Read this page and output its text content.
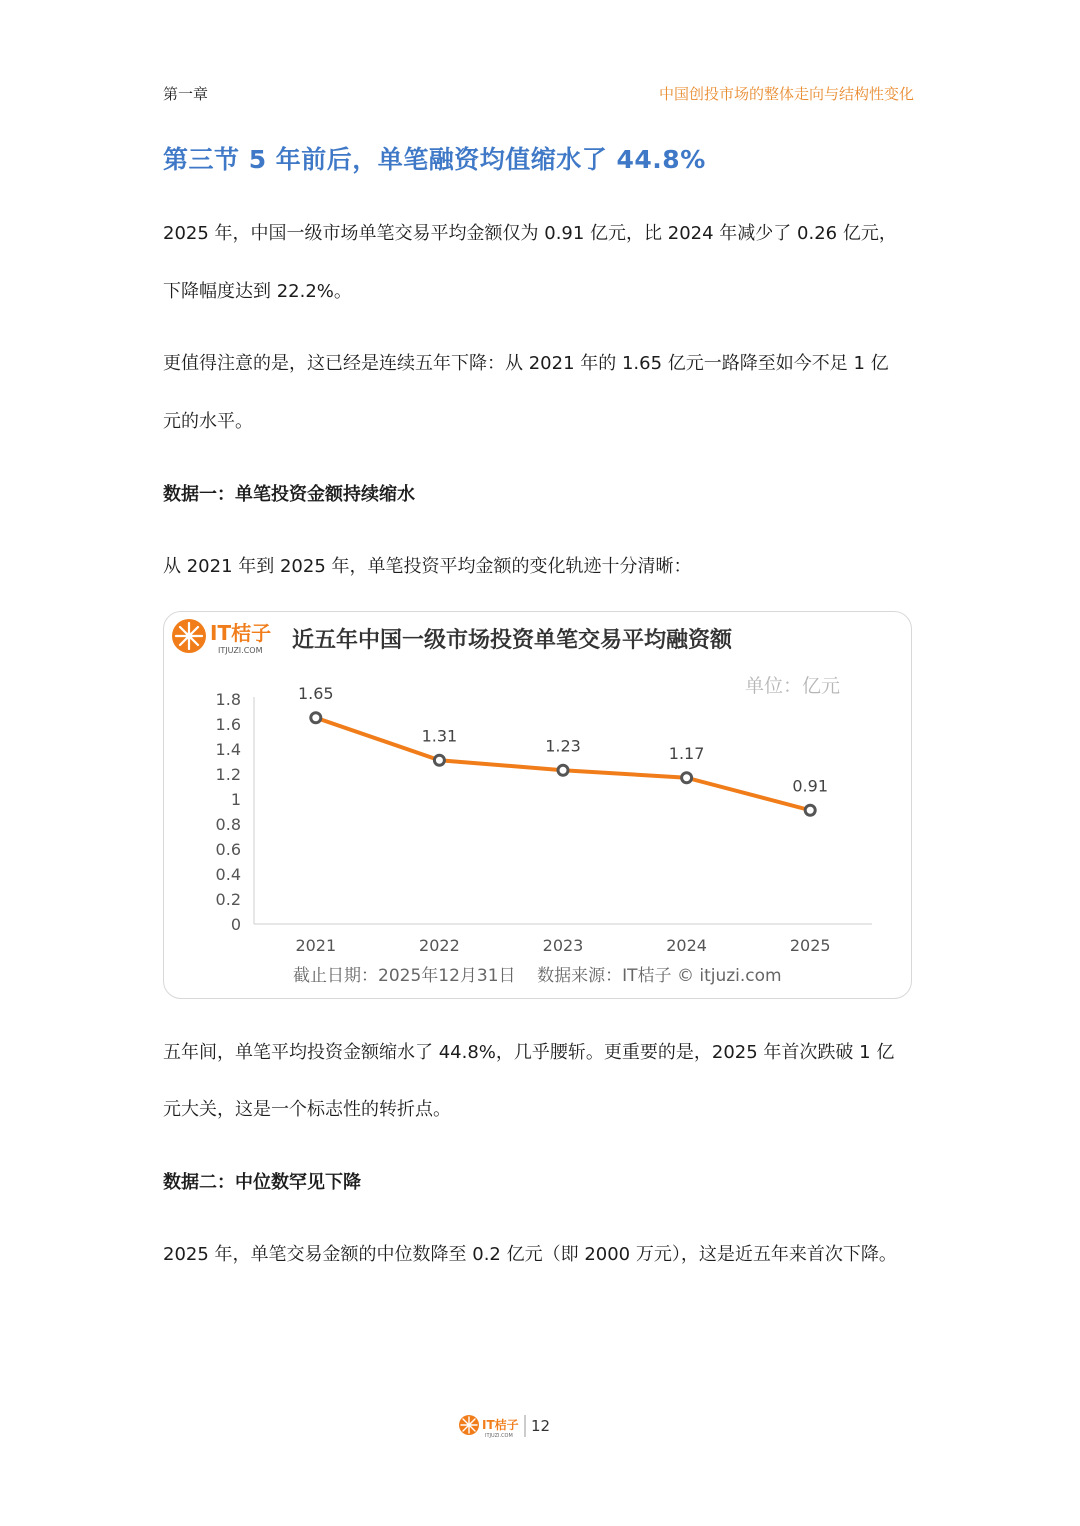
第一章	中国创投市场的整体走向与结构性变化
第三节 5 年前后，单笔融资均值缩水了 44.8%
2025 年，中国一级市场单笔交易平均金额仅为 0.91 亿元，比 2024 年减少了 0.26 亿元，
下降幅度达到 22.2%。
更值得注意的是，这已经是连续五年下降：从 2021 年的 1.65 亿元一路降至如今不足 1 亿
元的水平。
数据一：单笔投资金额持续缩水
从 2021 年到 2025 年，单笔投资平均金额的变化轨迹十分清晰：
IT桔子
ITJUZI.COM 近五年中国一级市场投资单笔交易平均融资额
单位：亿元
0
0.2
0.4
0.6
0.8
1
1.2
1.4
1.6
1.8
2021	2022	2023	2024	2025
1.65
1.31
1.23	1.17
0.91
截止日期：2025年12月31日    数据来源：IT桔子 © itjuzi.com
五年间，单笔平均投资金额缩水了 44.8%，几乎腰斩。更重要的是，2025 年首次跌破 1 亿
元大关，这是一个标志性的转折点。
数据二：中位数罕见下降
2025 年，单笔交易金额的中位数降至 0.2 亿元（即 2000 万元），这是近五年来首次下降。
IT桔子
ITJUZI.COM
12
